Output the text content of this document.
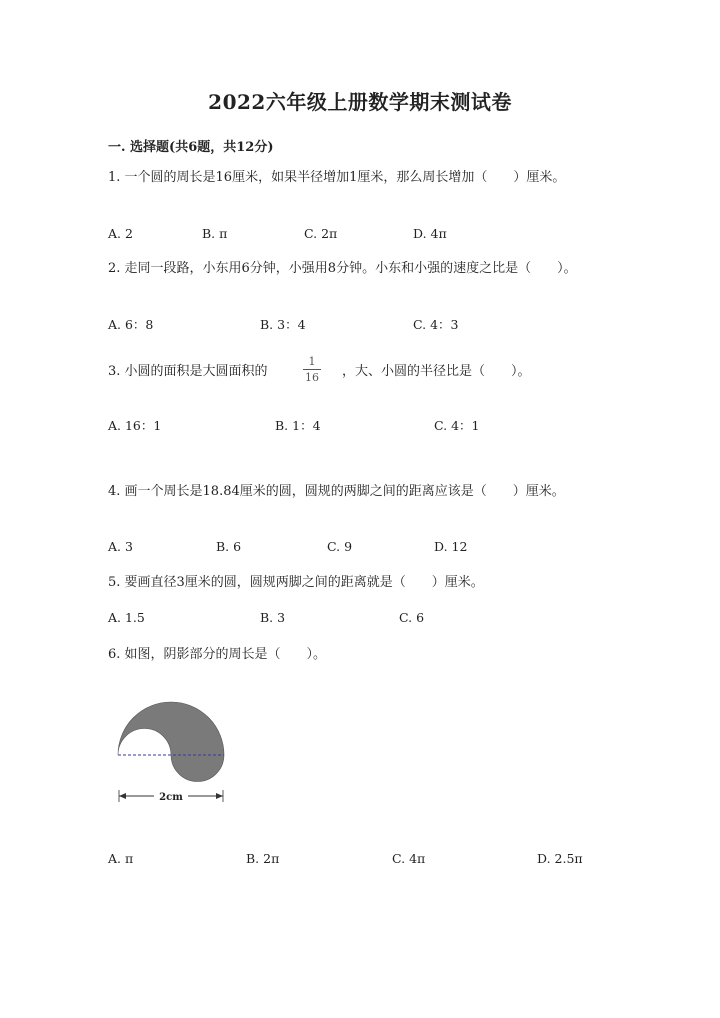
2022六年级上册数学期末测试卷
一. 选择题(共6题，共12分)
1. 一个圆的周长是16厘米，如果半径增加1厘米，那么周长增加（　　）厘米。
A. 2	B. π	C. 2π	D. 4π
2. 走同一段路，小东用6分钟，小强用8分钟。小东和小强的速度之比是（　　）。
A. 6：8	B. 3：4	C. 4：3
3. 小圆的面积是大圆面积的
1
16	，大、小圆的半径比是（　　）。
A. 16：1	B. 1：4	C. 4：1
4. 画一个周长是18.84厘米的圆，圆规的两脚之间的距离应该是（　　）厘米。
A. 3	B. 6	C. 9	D. 12
5. 要画直径3厘米的圆，圆规两脚之间的距离就是（　　）厘米。
A. 1.5	B. 3	C. 6
6. 如图，阴影部分的周长是（　　）。
2cm
A. π	B. 2π	C. 4π	D. 2.5π
